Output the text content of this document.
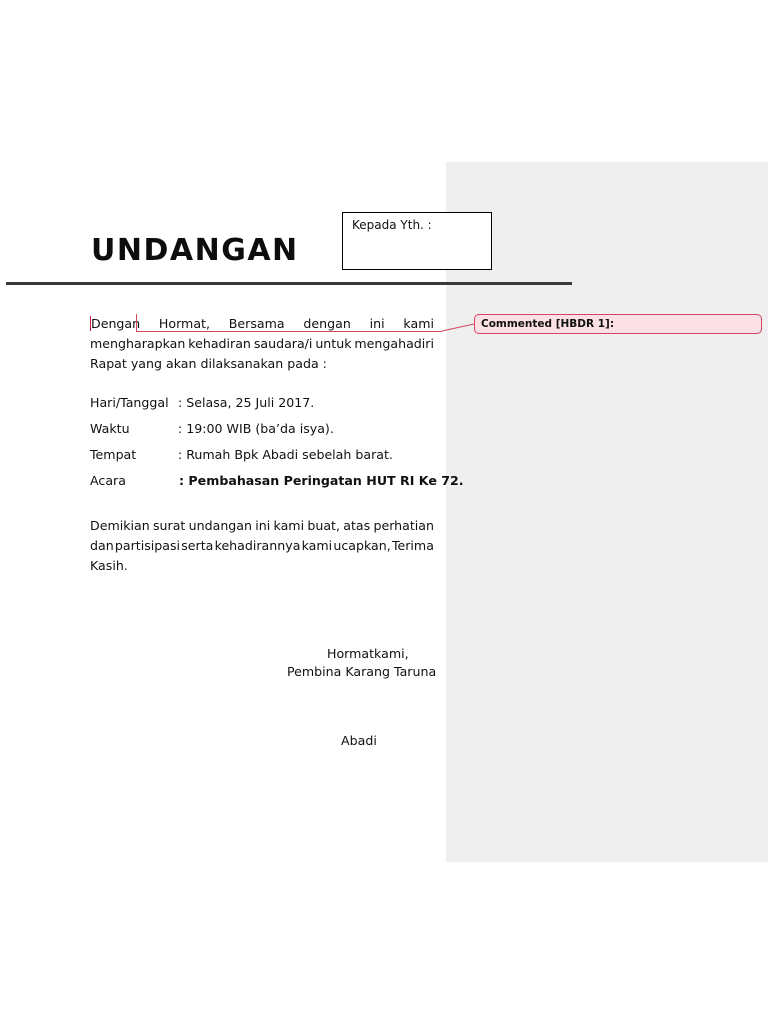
Kepada Yth. :
UNDANGAN
Dengan Hormat, Bersama dengan ini kami
mengharapkan kehadiran saudara/i untuk mengahadiri
Rapat yang akan dilaksanakan pada :
Hari/Tanggal : Selasa, 25 Juli 2017.
Waktu	: 19:00 WIB (ba’da isya).
Tempat	: Rumah Bpk Abadi sebelah barat.
Acara	: Pembahasan Peringatan HUT RI Ke 72.
Demikian surat undangan ini kami buat, atas perhatian
dan partisipasi serta kehadirannya kami ucapkan, Terima
Kasih.
Hormatkami,
Pembina Karang Taruna
Abadi
Commented [HBDR 1]:
